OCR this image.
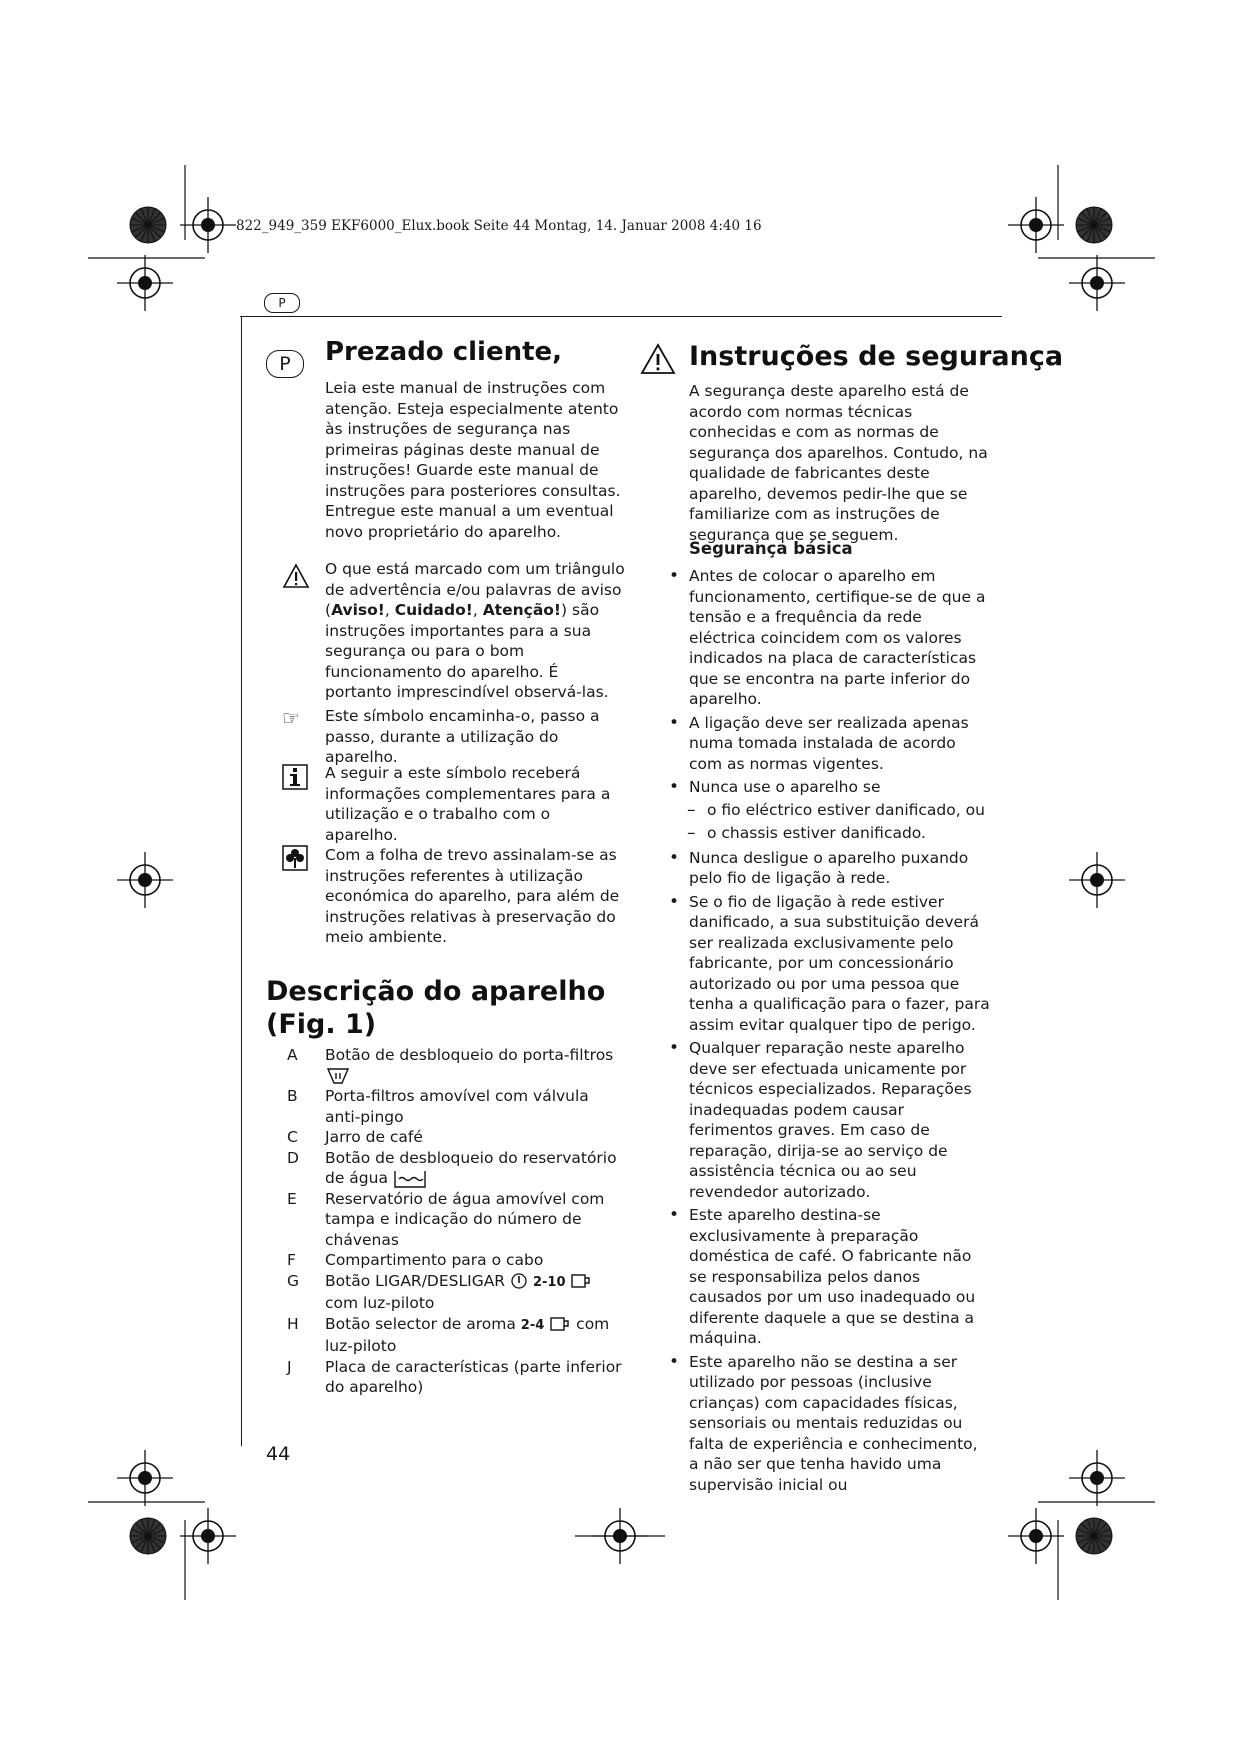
822_949_359 EKF6000_Elux.book Seite 44 Montag, 14. Januar 2008 4:40 16
P
P	Prezado cliente,

Leia este manual de instruções com atenção. Esteja especialmente atento às instruções de segurança nas primeiras páginas deste manual de instruções! Guarde este manual de instruções para posteriores consultas. Entregue este manual a um eventual novo proprietário do aparelho.

O que está marcado com um triângulo de advertência e/ou palavras de aviso (Aviso!, Cuidado!, Atenção!) são instruções importantes para a sua segurança ou para o bom funcionamento do aparelho. É portanto imprescindível observá-las.

☞ Este símbolo encaminha-o, passo a passo, durante a utilização do aparelho.

A seguir a este símbolo receberá informações complementares para a utilização e o trabalho com o aparelho.

Com a folha de trevo assinalam-se as instruções referentes à utilização económica do aparelho, para além de instruções relativas à preservação do meio ambiente.

Descrição do aparelho
(Fig. 1)
A	Botão de desbloqueio do porta-filtros
B	Porta-filtros amovível com válvula anti-pingo
C	Jarro de café
D	Botão de desbloqueio do reservatório de água
E	Reservatório de água amovível com tampa e indicação do número de chávenas
F	Compartimento para o cabo
G	Botão LIGAR/DESLIGAR 2-10  com luz-piloto
H	Botão selector de aroma 2-4 com luz-piloto
J	Placa de características (parte inferior do aparelho)
44
Instruções de segurança

A segurança deste aparelho está de acordo com normas técnicas conhecidas e com as normas de segurança dos aparelhos. Contudo, na qualidade de fabricantes deste aparelho, devemos pedir-lhe que se familiarize com as instruções de segurança que se seguem.

Segurança básica
• Antes de colocar o aparelho em funcionamento, certifique-se de que a tensão e a frequência da rede eléctrica coincidem com os valores indicados na placa de características que se encontra na parte inferior do aparelho.
• A ligação deve ser realizada apenas numa tomada instalada de acordo com as normas vigentes.
• Nunca use o aparelho se
– o fio eléctrico estiver danificado, ou
– o chassis estiver danificado.
• Nunca desligue o aparelho puxando pelo fio de ligação à rede.
• Se o fio de ligação à rede estiver danificado, a sua substituição deverá ser realizada exclusivamente pelo fabricante, por um concessionário autorizado ou por uma pessoa que tenha a qualificação para o fazer, para assim evitar qualquer tipo de perigo.
• Qualquer reparação neste aparelho deve ser efectuada unicamente por técnicos especializados. Reparações inadequadas podem causar ferimentos graves. Em caso de reparação, dirija-se ao serviço de assistência técnica ou ao seu revendedor autorizado.
• Este aparelho destina-se exclusivamente à preparação doméstica de café. O fabricante não se responsabiliza pelos danos causados por um uso inadequado ou diferente daquele a que se destina a máquina.
• Este aparelho não se destina a ser utilizado por pessoas (inclusive crianças) com capacidades físicas, sensoriais ou mentais reduzidas ou falta de experiência e conhecimento, a não ser que tenha havido uma supervisão inicial ou
